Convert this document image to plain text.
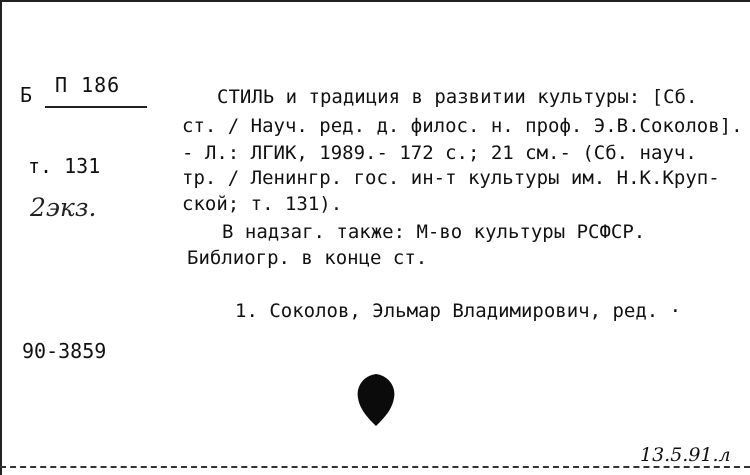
Б П 186
т. 131
2экз.
90-3859
СТИЛЬ и традиция в развитии культуры: [Сб.
ст. / Науч. ред. д. филос. н. проф. Э.В.Соколов].
- Л.: ЛГИК, 1989.- 172 с.; 21 см.- (Сб. науч.
тр. / Ленингр. гос. ин-т культуры им. Н.К.Круп-
ской; т. 131).
В надзаг. также: М-во культуры РСФСР.
Библиогр. в конце ст.
1. Соколов, Эльмар Владимирович, ред. ·
13.5.91.л
